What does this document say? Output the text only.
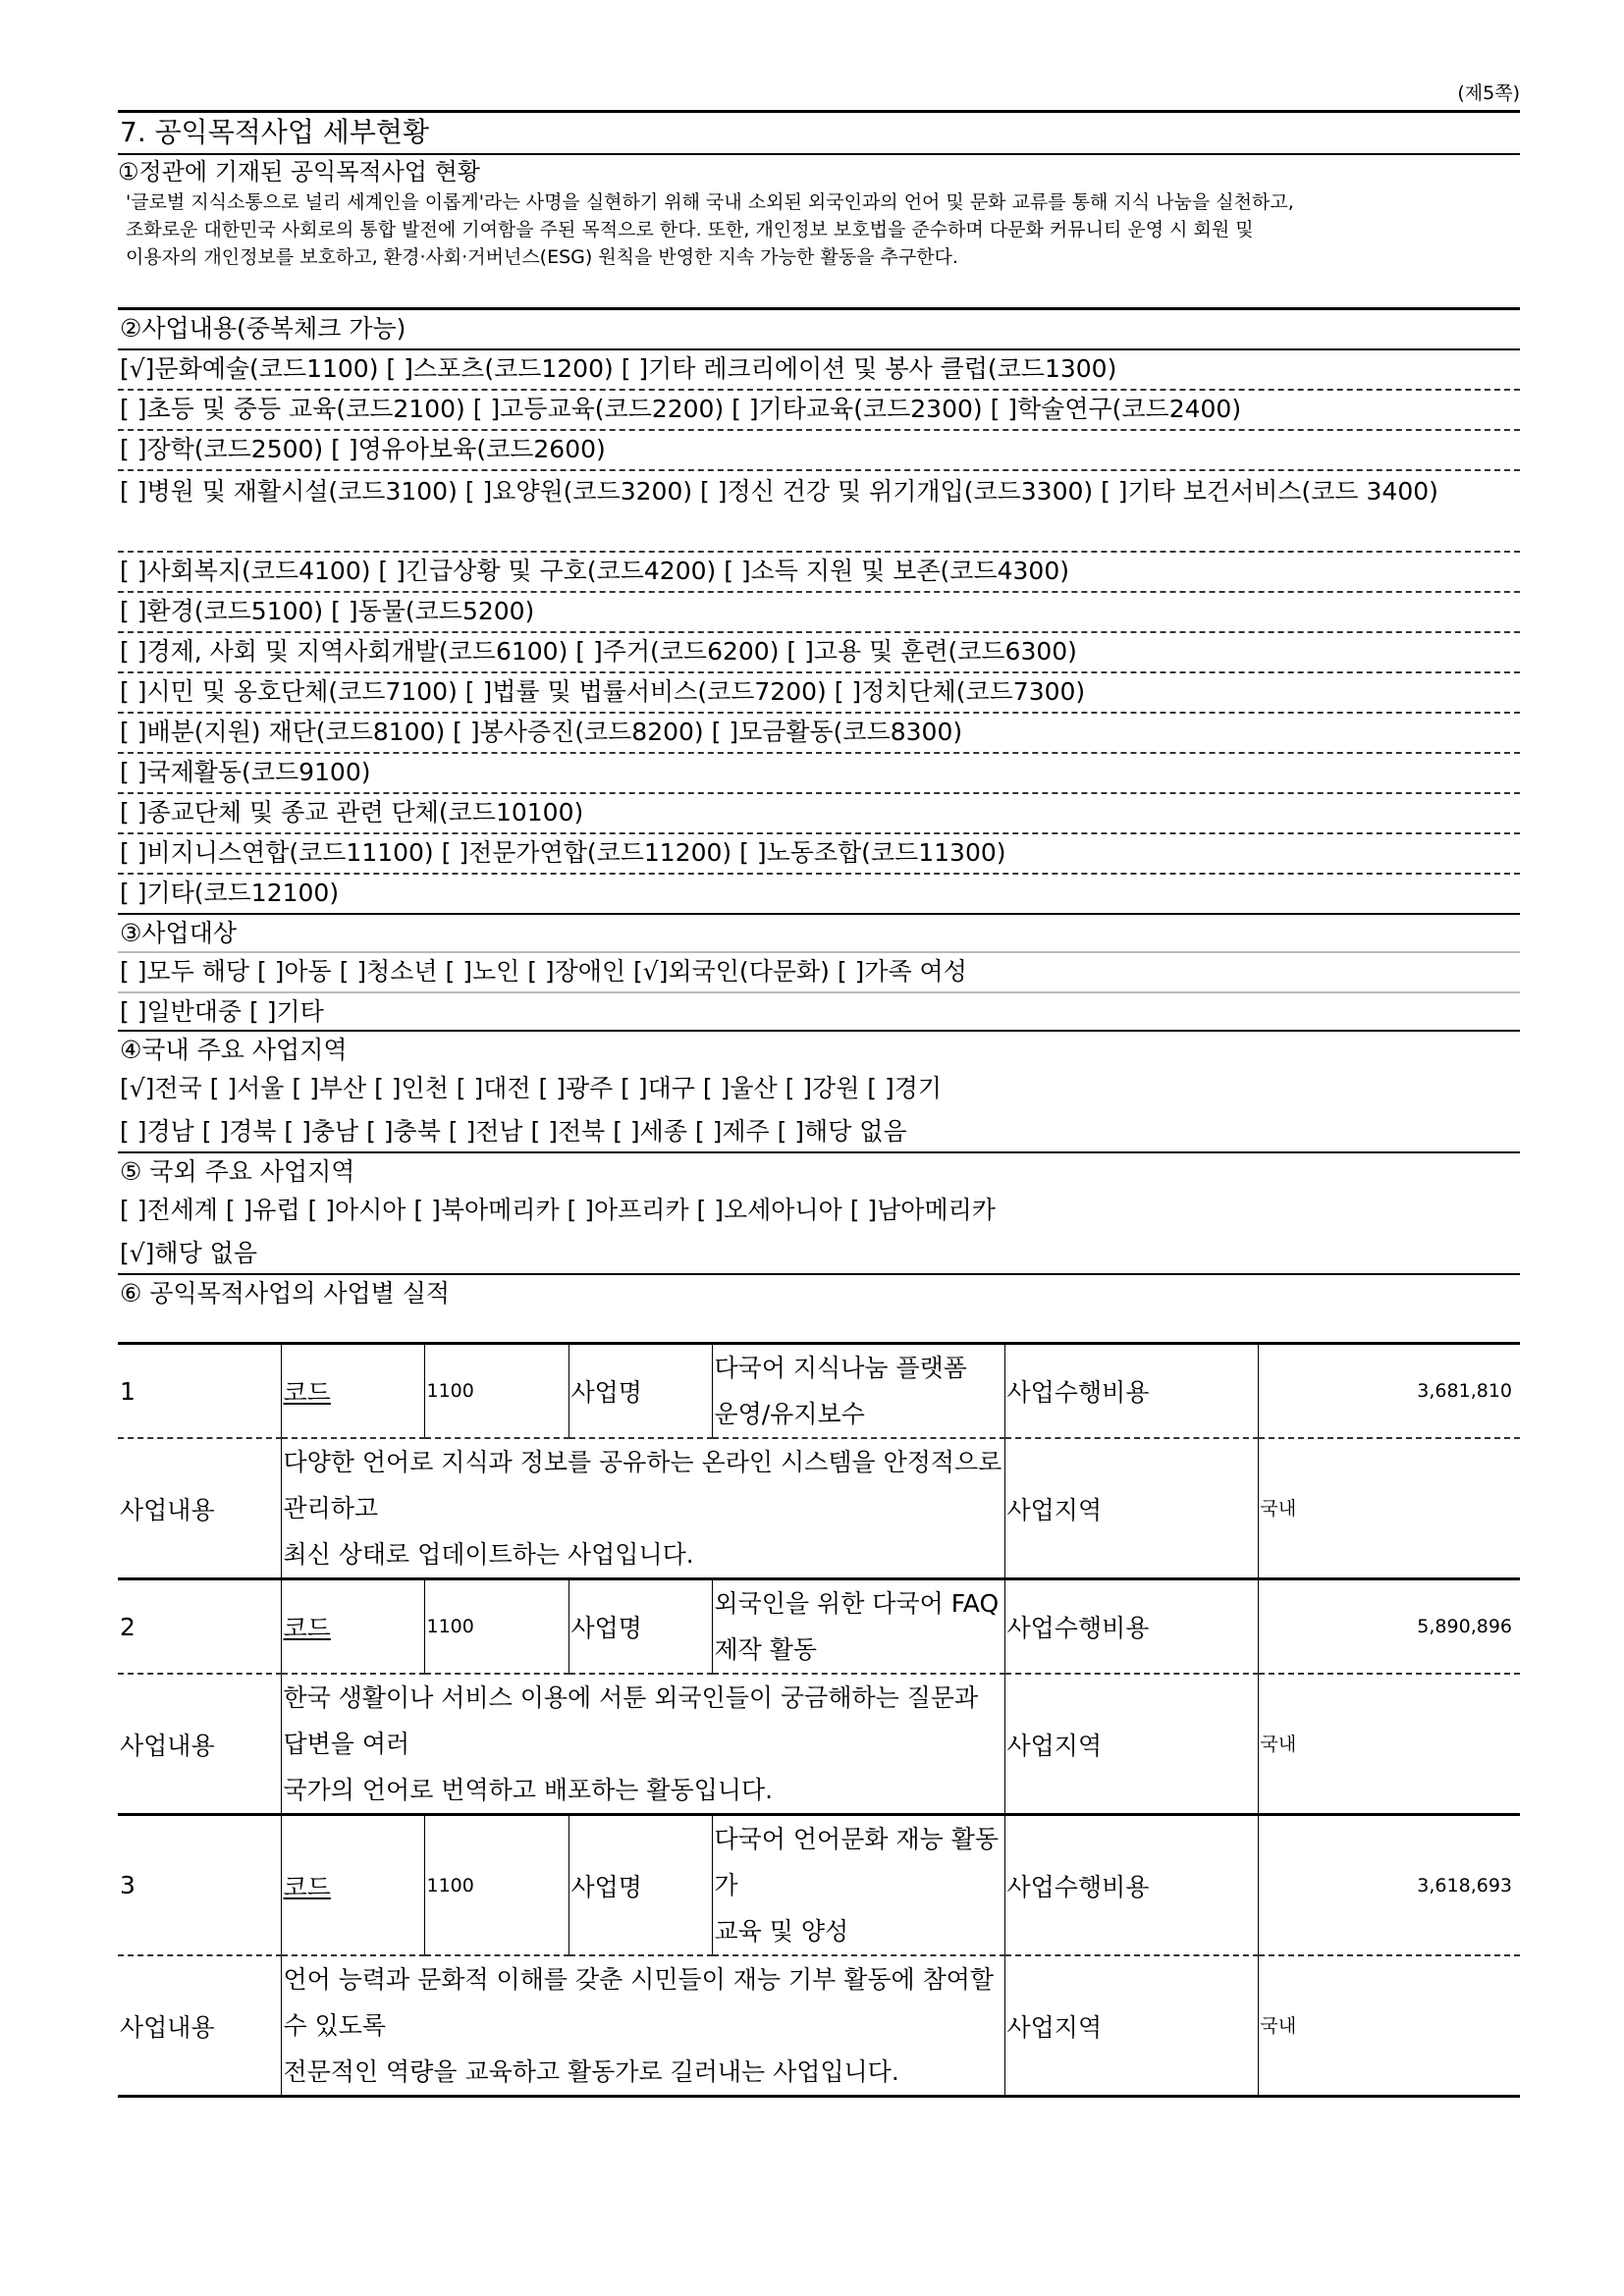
(제5쪽)
7. 공익목적사업 세부현황
①정관에 기재된 공익목적사업 현황
'글로벌 지식소통으로 널리 세계인을 이롭게'라는 사명을 실현하기 위해 국내 소외된 외국인과의 언어 및 문화 교류를 통해 지식 나눔을 실천하고,
조화로운 대한민국 사회로의 통합 발전에 기여함을 주된 목적으로 한다. 또한, 개인정보 보호법을 준수하며 다문화 커뮤니티 운영 시 회원 및
이용자의 개인정보를 보호하고, 환경·사회·거버넌스(ESG) 원칙을 반영한 지속 가능한 활동을 추구한다.
②사업내용(중복체크 가능)
[√]문화예술(코드1100) [ ]스포츠(코드1200) [ ]기타 레크리에이션 및 봉사 클럽(코드1300)
[ ]초등 및 중등 교육(코드2100) [ ]고등교육(코드2200) [ ]기타교육(코드2300) [ ]학술연구(코드2400)
[ ]장학(코드2500) [ ]영유아보육(코드2600)
[ ]병원 및 재활시설(코드3100) [ ]요양원(코드3200) [ ]정신 건강 및 위기개입(코드3300) [ ]기타 보건서비스(코드 3400)
[ ]사회복지(코드4100) [ ]긴급상황 및 구호(코드4200) [ ]소득 지원 및 보존(코드4300)
[ ]환경(코드5100) [ ]동물(코드5200)
[ ]경제, 사회 및 지역사회개발(코드6100) [ ]주거(코드6200) [ ]고용 및 훈련(코드6300)
[ ]시민 및 옹호단체(코드7100) [ ]법률 및 법률서비스(코드7200) [ ]정치단체(코드7300)
[ ]배분(지원) 재단(코드8100) [ ]봉사증진(코드8200) [ ]모금활동(코드8300)
[ ]국제활동(코드9100)
[ ]종교단체 및 종교 관련 단체(코드10100)
[ ]비지니스연합(코드11100) [ ]전문가연합(코드11200) [ ]노동조합(코드11300)
[ ]기타(코드12100)
③사업대상
[ ]모두 해당 [ ]아동 [ ]청소년 [ ]노인 [ ]장애인 [√]외국인(다문화) [ ]가족 여성
[ ]일반대중 [ ]기타
④국내 주요 사업지역
[√]전국 [ ]서울 [ ]부산 [ ]인천 [ ]대전 [ ]광주 [ ]대구 [ ]울산 [ ]강원 [ ]경기
[ ]경남 [ ]경북 [ ]충남 [ ]충북 [ ]전남 [ ]전북 [ ]세종 [ ]제주 [ ]해당 없음
⑤ 국외 주요 사업지역
[ ]전세계 [ ]유럽 [ ]아시아 [ ]북아메리카 [ ]아프리카 [ ]오세아니아 [ ]남아메리카
[√]해당 없음
⑥ 공익목적사업의 사업별 실적
1	코드	1100	사업명	다국어 지식나눔 플랫폼
운영/유지보수	사업수행비용	3,681,810
사업내용	다양한 언어로 지식과 정보를 공유하는 온라인 시스템을 안정적으로 관리하고
최신 상태로 업데이트하는 사업입니다.				사업지역	국내
2	코드	1100	사업명	외국인을 위한 다국어 FAQ
제작 활동	사업수행비용	5,890,896
사업내용	한국 생활이나 서비스 이용에 서툰 외국인들이 궁금해하는 질문과 답변을 여러
국가의 언어로 번역하고 배포하는 활동입니다.				사업지역	국내
3	코드	1100	사업명	다국어 언어문화 재능 활동가
교육 및 양성	사업수행비용	3,618,693
사업내용	언어 능력과 문화적 이해를 갖춘 시민들이 재능 기부 활동에 참여할 수 있도록
전문적인 역량을 교육하고 활동가로 길러내는 사업입니다.				사업지역	국내
